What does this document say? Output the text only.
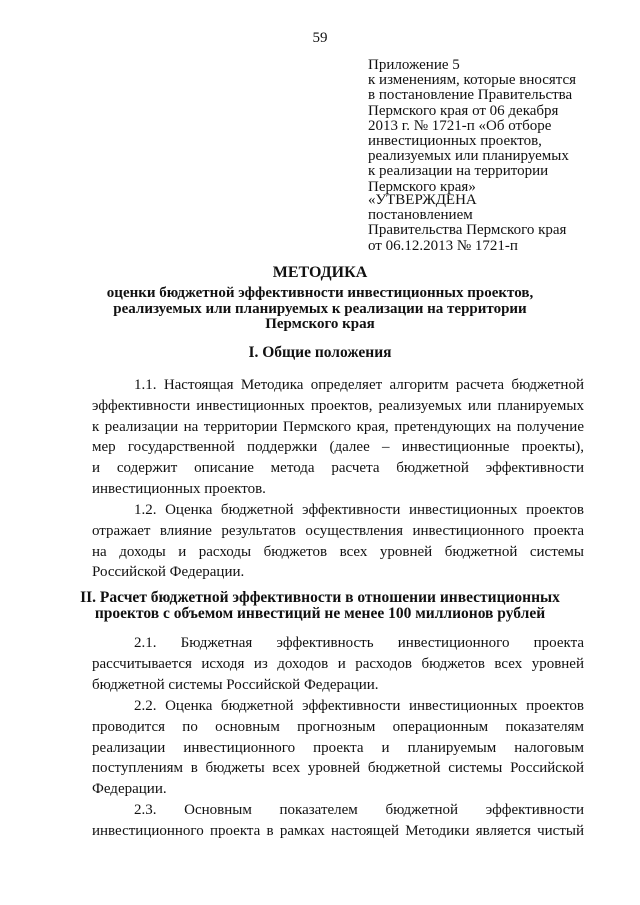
59
Приложение 5
к изменениям, которые вносятся
в постановление Правительства
Пермского края от 06 декабря
2013 г. № 1721-п «Об отборе
инвестиционных проектов,
реализуемых или планируемых
к реализации на территории
Пермского края»
«УТВЕРЖДЕНА
постановлением
Правительства Пермского края
от 06.12.2013 № 1721-п
МЕТОДИКА
оценки бюджетной эффективности инвестиционных проектов,
реализуемых или планируемых к реализации на территории
Пермского края
I. Общие положения
1.1. Настоящая Методика определяет алгоритм расчета бюджетной
эффективности инвестиционных проектов, реализуемых или планируемых
к реализации на территории Пермского края, претендующих на получение
мер государственной поддержки (далее – инвестиционные проекты),
и содержит описание метода расчета бюджетной эффективности
инвестиционных проектов.
1.2. Оценка бюджетной эффективности инвестиционных проектов
отражает влияние результатов осуществления инвестиционного проекта
на доходы и расходы бюджетов всех уровней бюджетной системы
Российской Федерации.
II. Расчет бюджетной эффективности в отношении инвестиционных
проектов с объемом инвестиций не менее 100 миллионов рублей
2.1. Бюджетная эффективность инвестиционного проекта
рассчитывается исходя из доходов и расходов бюджетов всех уровней
бюджетной системы Российской Федерации.
2.2. Оценка бюджетной эффективности инвестиционных проектов
проводится по основным прогнозным операционным показателям
реализации инвестиционного проекта и планируемым налоговым
поступлениям в бюджеты всех уровней бюджетной системы Российской
Федерации.
2.3. Основным показателем бюджетной эффективности
инвестиционного проекта в рамках настоящей Методики является чистый
